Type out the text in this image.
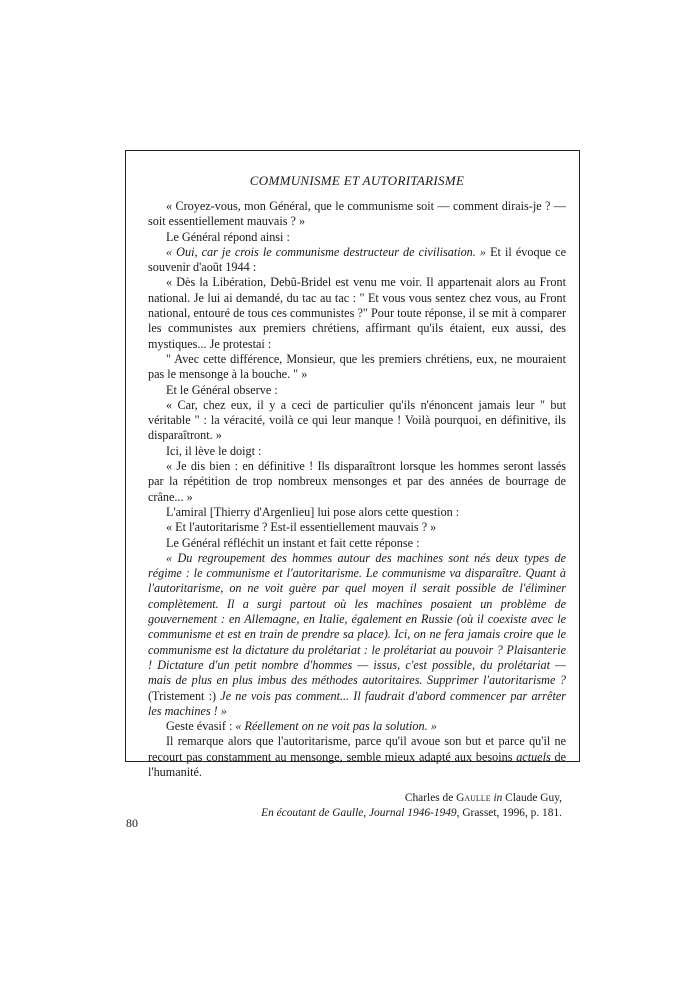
COMMUNISME ET AUTORITARISME

« Croyez-vous, mon Général, que le communisme soit — comment dirais-je ? — soit essentiellement mauvais ? »

Le Général répond ainsi :

« Oui, car je crois le communisme destructeur de civilisation. » Et il évoque ce souvenir d'août 1944 :

« Dès la Libération, Debû-Bridel est venu me voir. Il appartenait alors au Front national. Je lui ai demandé, du tac au tac : " Et vous vous sentez chez vous, au Front national, entouré de tous ces communistes ?" Pour toute réponse, il se mit à comparer les communistes aux premiers chrétiens, affirmant qu'ils étaient, eux aussi, des mystiques... Je protestai :

" Avec cette différence, Monsieur, que les premiers chrétiens, eux, ne mouraient pas le mensonge à la bouche. " »

Et le Général observe :

« Car, chez eux, il y a ceci de particulier qu'ils n'énoncent jamais leur " but véritable " : la véracité, voilà ce qui leur manque ! Voilà pourquoi, en définitive, ils disparaîtront. »

Ici, il lève le doigt :

« Je dis bien : en définitive ! Ils disparaîtront lorsque les hommes seront lassés par la répétition de trop nombreux mensonges et par des années de bourrage de crâne... »

L'amiral [Thierry d'Argenlieu] lui pose alors cette question :

« Et l'autoritarisme ? Est-il essentiellement mauvais ? »

Le Général réfléchit un instant et fait cette réponse :

« Du regroupement des hommes autour des machines sont nés deux types de régime : le communisme et l'autoritarisme. Le communisme va disparaître. Quant à l'autoritarisme, on ne voit guère par quel moyen il serait possible de l'éliminer complètement. Il a surgi partout où les machines posaient un problème de gouvernement : en Allemagne, en Italie, également en Russie (où il coexiste avec le communisme et est en train de prendre sa place). Ici, on ne fera jamais croire que le communisme est la dictature du prolétariat : le prolétariat au pouvoir ? Plaisanterie ! Dictature d'un petit nombre d'hommes — issus, c'est possible, du prolétariat — mais de plus en plus imbus des méthodes autoritaires. Supprimer l'autoritarisme ? (Tristement :) Je ne vois pas comment... Il faudrait d'abord commencer par arrêter les machines ! »

Geste évasif : « Réellement on ne voit pas la solution. »

Il remarque alors que l'autoritarisme, parce qu'il avoue son but et parce qu'il ne recourt pas constamment au mensonge, semble mieux adapté aux besoins actuels de l'humanité.

Charles de Gaulle in Claude Guy,
En écoutant de Gaulle, Journal 1946-1949, Grasset, 1996, p. 181.
80
